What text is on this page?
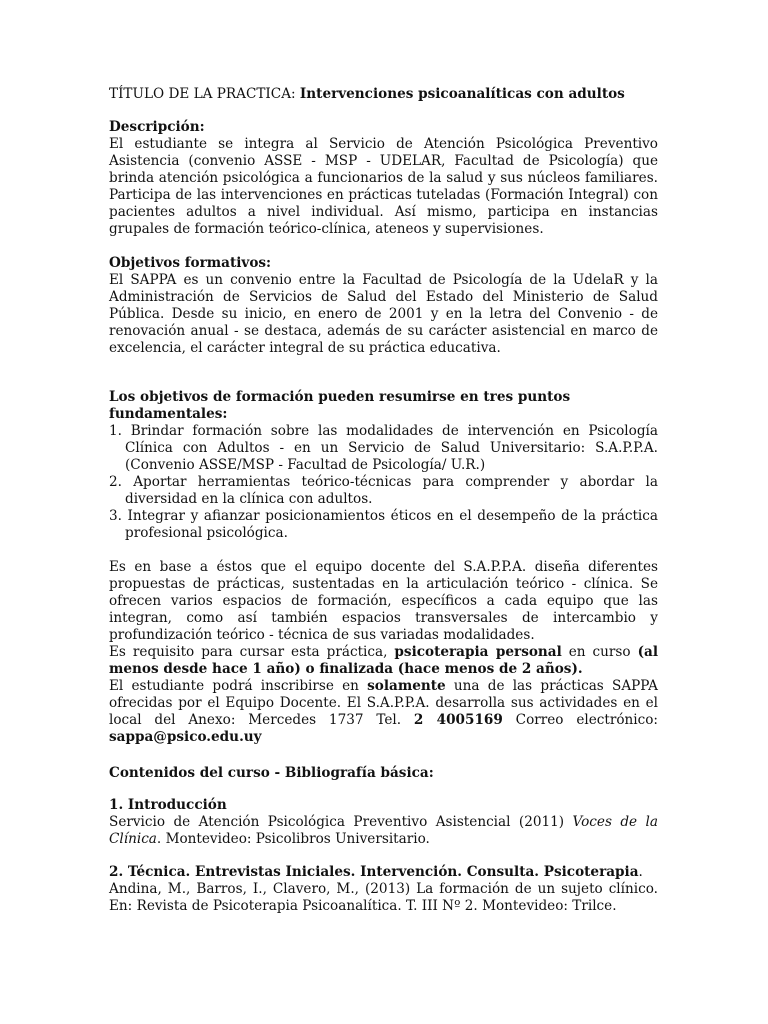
TÍTULO DE LA PRACTICA: Intervenciones psicoanalíticas con adultos

Descripción:

El estudiante se integra al Servicio de Atención Psicológica Preventivo Asistencia (convenio ASSE - MSP - UDELAR, Facultad de Psicología) que brinda atención psicológica a funcionarios de la salud y sus núcleos familiares. Participa de las intervenciones en prácticas tuteladas (Formación Integral) con pacientes adultos a nivel individual. Así mismo, participa en instancias grupales de formación teórico-clínica, ateneos y supervisiones.

Objetivos formativos:

El SAPPA es un convenio entre la Facultad de Psicología de la UdelaR y la Administración de Servicios de Salud del Estado del Ministerio de Salud Pública. Desde su inicio, en enero de 2001 y en la letra del Convenio - de renovación anual - se destaca, además de su carácter asistencial en marco de excelencia, el carácter integral de su práctica educativa.

Los objetivos de formación pueden resumirse en tres puntos fundamentales:

1. Brindar formación sobre las modalidades de intervención en Psicología Clínica con Adultos - en un Servicio de Salud Universitario: S.A.P.P.A. (Convenio ASSE/MSP - Facultad de Psicología/ U.R.)
2. Aportar herramientas teórico-técnicas para comprender y abordar la diversidad en la clínica con adultos.
3. Integrar y afianzar posicionamientos éticos en el desempeño de la práctica profesional psicológica.

Es en base a éstos que el equipo docente del S.A.P.P.A. diseña diferentes propuestas de prácticas, sustentadas en la articulación teórico - clínica. Se ofrecen varios espacios de formación, específicos a cada equipo que las integran, como así también espacios transversales de intercambio y profundización teórico - técnica de sus variadas modalidades.

Es requisito para cursar esta práctica, psicoterapia personal en curso (al menos desde hace 1 año) o finalizada (hace menos de 2 años).

El estudiante podrá inscribirse en solamente una de las prácticas SAPPA ofrecidas por el Equipo Docente. El S.A.P.P.A. desarrolla sus actividades en el local del Anexo: Mercedes 1737 Tel. 2 4005169 Correo electrónico: sappa@psico.edu.uy

Contenidos del curso - Bibliografía básica:

1. Introducción

Servicio de Atención Psicológica Preventivo Asistencial (2011) Voces de la Clínica. Montevideo: Psicolibros Universitario.

2. Técnica. Entrevistas Iniciales. Intervención. Consulta. Psicoterapia.

Andina, M., Barros, I., Clavero, M., (2013) La formación de un sujeto clínico. En: Revista de Psicoterapia Psicoanalítica. T. III Nº 2. Montevideo: Trilce.
